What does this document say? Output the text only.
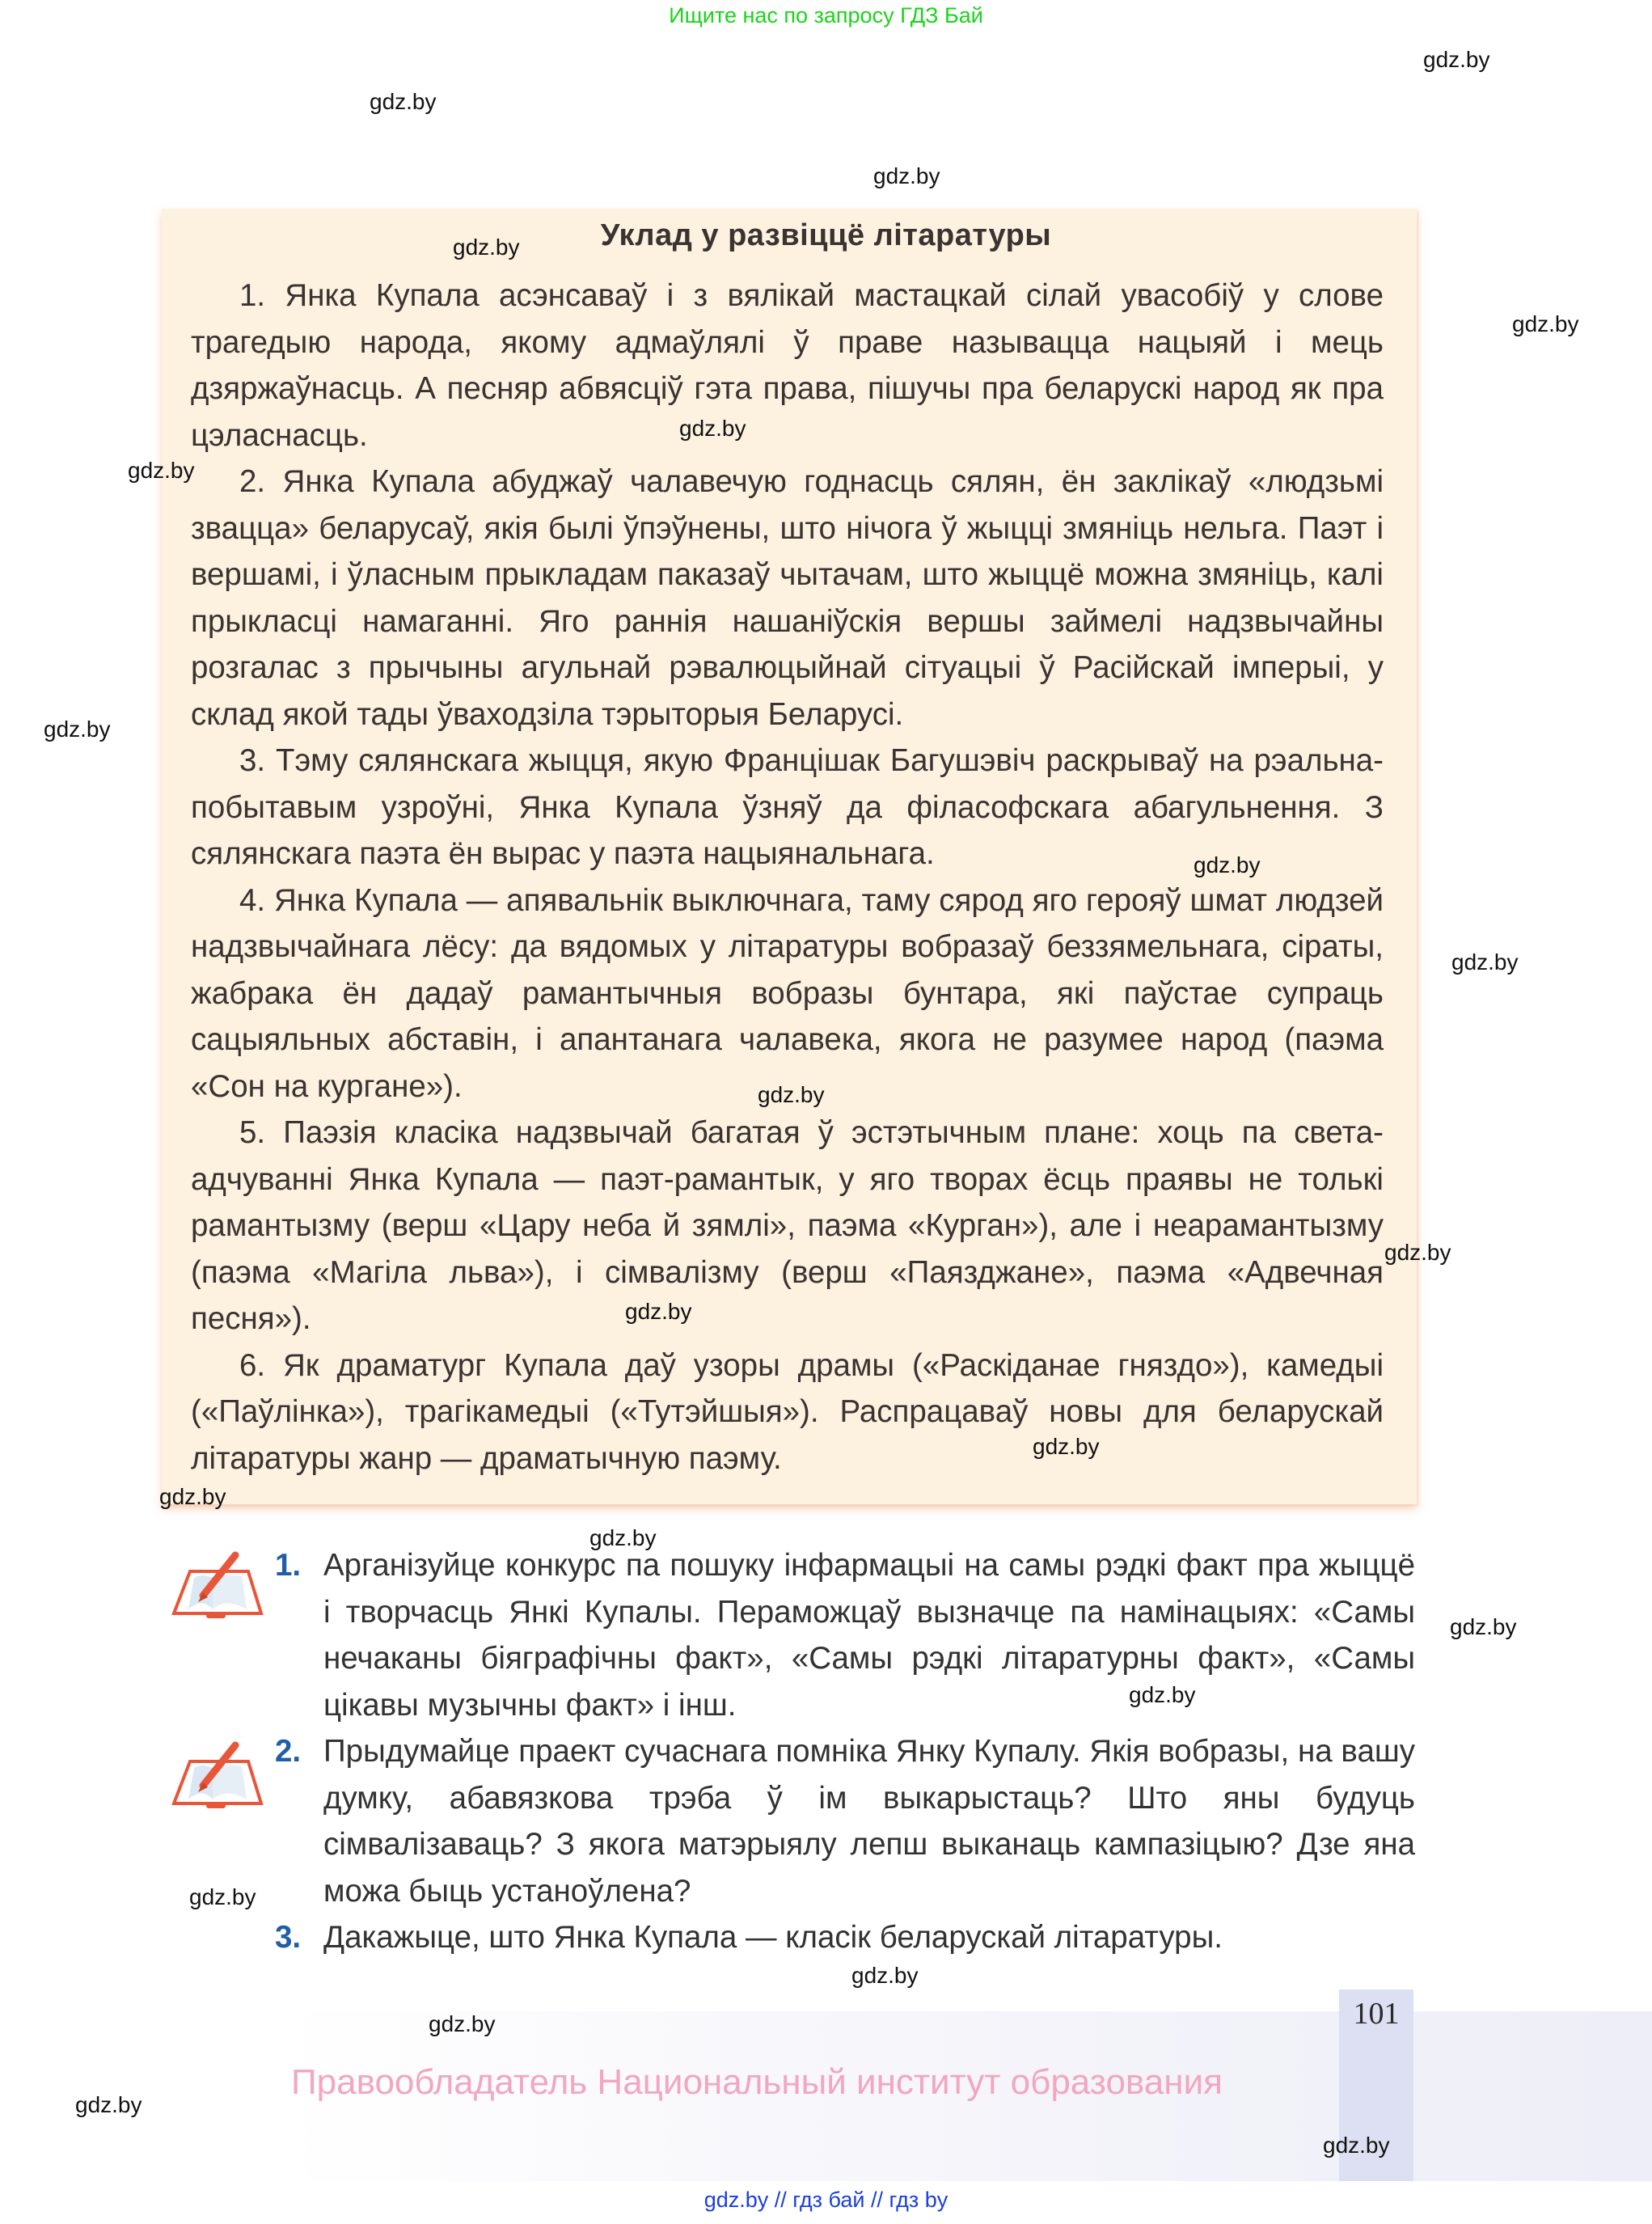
Ищите нас по запросу ГДЗ Бай
Уклад у развіццё літаратуры

1. Янка Купала асэнсаваў і з вялікай мастацкай сілай увасобіў у слове трагедыю народа, якому адмаўлялі ў праве называцца нацыяй і мець дзяржаўнасць. А песняр абвясціў гэта права, пішучы пра беларускі народ як пра цэласнасць.

2. Янка Купала абуджаў чалавечую годнасць сялян, ён заклікаў «людзьмі звацца» беларусаў, якія былі ўпэўнены, што нічога ў жыцці змяніць нельга. Паэт і вершамі, і ўласным прыкладам паказаў чытачам, што жыццё можна змяніць, калі прыкласці намаганні. Яго раннія нашаніўскія вершы займелі надзвычайны розгалас з прычыны агульнай рэвалюцыйнай сітуацыі ў Расійскай імперыі, у склад якой тады ўваходзіла тэрыторыя Беларусі.

3. Тэму сялянскага жыцця, якую Францішак Багушэвіч раскрываў на рэальна-побытавым узроўні, Янка Купала ўзняў да філасофскага абагульнення. З сялянскага паэта ён вырас у паэта нацыянальнага.

4. Янка Купала — апявальнік выключнага, таму сярод яго герояў шмат людзей надзвычайнага лёсу: да вядомых у літаратуры вобразаў беззямельнага, сіраты, жабрака ён дадаў рамантычныя вобразы бунтара, які паўстае супраць сацыяльных абставін, і апантанага чалавека, якога не разумее народ (паэма «Сон на кургане»).

5. Паэзія класіка надзвычай багатая ў эстэтычным плане: хоць па светаадчуванні Янка Купала — паэт-рамантык, у яго творах ёсць праявы не толькі рамантызму (верш «Цару неба й зямлі», паэма «Курган»), але і неарамантызму (паэма «Магіла льва»), і сімвалізму (верш «Паязджане», паэма «Адвечная песня»).

6. Як драматург Купала даў узоры драмы («Раскіданае гняздо»), камедыі («Паўлінка»), трагікамедыі («Тутэйшыя»). Распрацаваў новы для беларускай літаратуры жанр — драматычную паэму.

1. Арганізуйце конкурс па пошуку інфармацыі на самы рэдкі факт пра жыццё і творчасць Янкі Купалы. Пераможцаў вызначце па намінацыях: «Самы нечаканы біяграфічны факт», «Самы рэдкі літаратурны факт», «Самы цікавы музычны факт» і інш.
2. Прыдумайце праект сучаснага помніка Янку Купалу. Якія вобразы, на вашу думку, абавязкова трэба ў ім выкарыстаць? Што яны будуць сімвалізаваць? З якога матэрыялу лепш выканаць кампазіцыю? Дзе яна можа быць устаноўлена?
3. Дакажыце, што Янка Купала — класік беларускай літаратуры.
101
Правообладатель Национальный институт образования
gdz.by // гдз бай // гдз by
gdz.by
gdz.by
gdz.by
gdz.by
gdz.by
gdz.by
gdz.by
gdz.by
gdz.by
gdz.by
gdz.by
gdz.by
gdz.by
gdz.by
gdz.by
gdz.by
gdz.by
gdz.by
gdz.by
gdz.by
gdz.by
gdz.by
gdz.by
